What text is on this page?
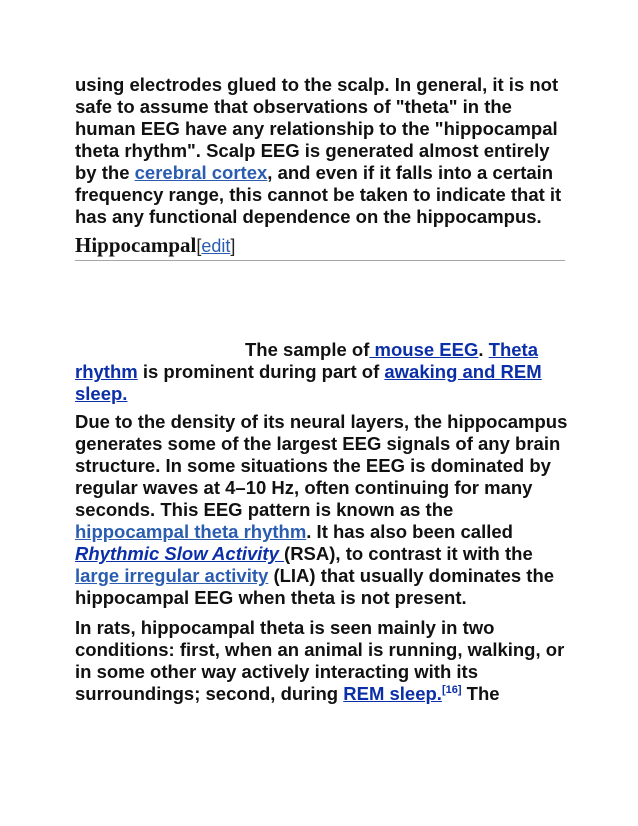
using electrodes glued to the scalp. In general, it is not safe to assume that observations of "theta" in the human EEG have any relationship to the "hippocampal theta rhythm". Scalp EEG is generated almost entirely by the cerebral cortex, and even if it falls into a certain frequency range, this cannot be taken to indicate that it has any functional dependence on the hippocampus.

Hippocampal[edit]

The sample of mouse EEG. Theta rhythm is prominent during part of awaking and REM sleep.

Due to the density of its neural layers, the hippocampus generates some of the largest EEG signals of any brain structure. In some situations the EEG is dominated by regular waves at 4–10 Hz, often continuing for many seconds. This EEG pattern is known as the hippocampal theta rhythm. It has also been called Rhythmic Slow Activity (RSA), to contrast it with the large irregular activity (LIA) that usually dominates the hippocampal EEG when theta is not present.

In rats, hippocampal theta is seen mainly in two conditions: first, when an animal is running, walking, or in some other way actively interacting with its surroundings; second, during REM sleep.[16] The
